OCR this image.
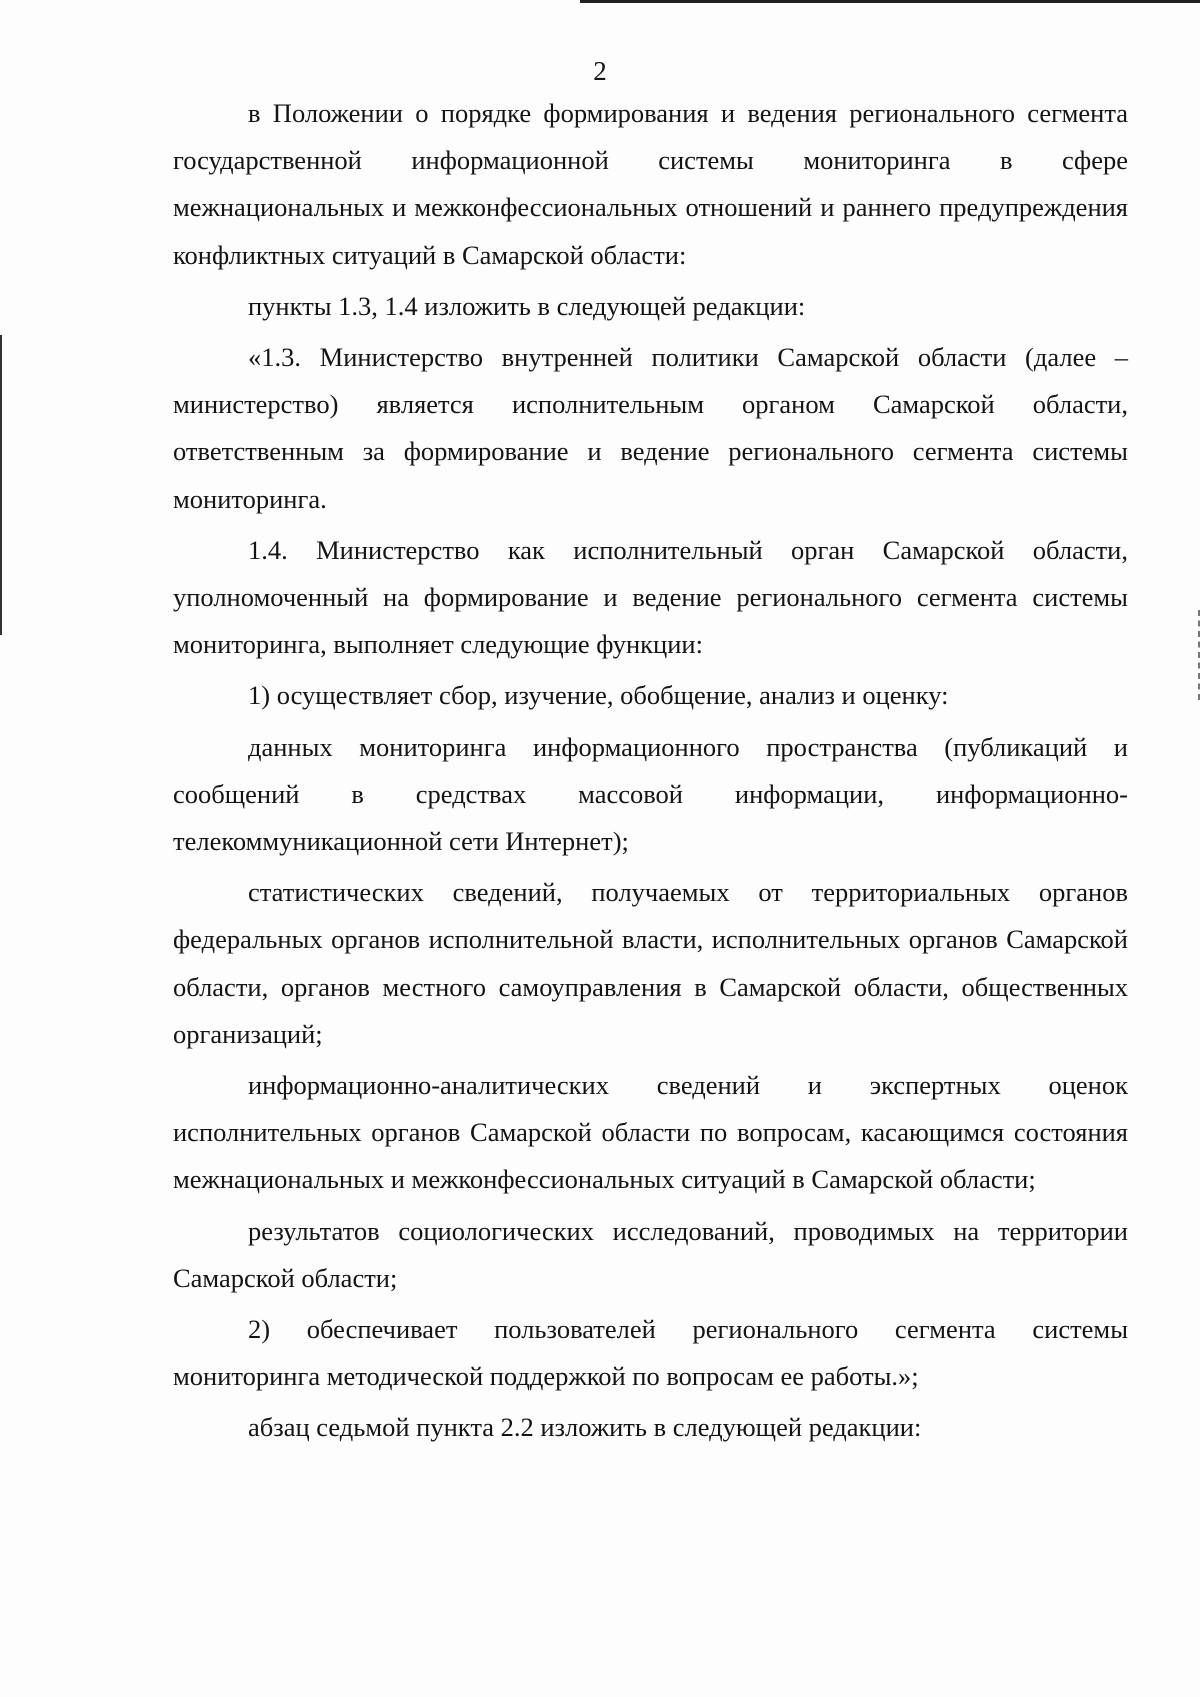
2

в Положении о порядке формирования и ведения регионального сегмента государственной информационной системы мониторинга в сфере межнациональных и межконфессиональных отношений и раннего предупреждения конфликтных ситуаций в Самарской области:

пункты 1.3, 1.4 изложить в следующей редакции:

«1.3. Министерство внутренней политики Самарской области (далее – министерство) является исполнительным органом Самарской области, ответственным за формирование и ведение регионального сегмента системы мониторинга.

1.4. Министерство как исполнительный орган Самарской области, уполномоченный на формирование и ведение регионального сегмента системы мониторинга, выполняет следующие функции:

1) осуществляет сбор, изучение, обобщение, анализ и оценку:

данных мониторинга информационного пространства (публикаций и сообщений в средствах массовой информации, информационно-телекоммуникационной сети Интернет);

статистических сведений, получаемых от территориальных органов федеральных органов исполнительной власти, исполнительных органов Самарской области, органов местного самоуправления в Самарской области, общественных организаций;

информационно-аналитических сведений и экспертных оценок исполнительных органов Самарской области по вопросам, касающимся состояния межнациональных и межконфессиональных ситуаций в Самарской области;

результатов социологических исследований, проводимых на территории Самарской области;

2) обеспечивает пользователей регионального сегмента системы мониторинга методической поддержкой по вопросам ее работы.»;

абзац седьмой пункта 2.2 изложить в следующей редакции:
